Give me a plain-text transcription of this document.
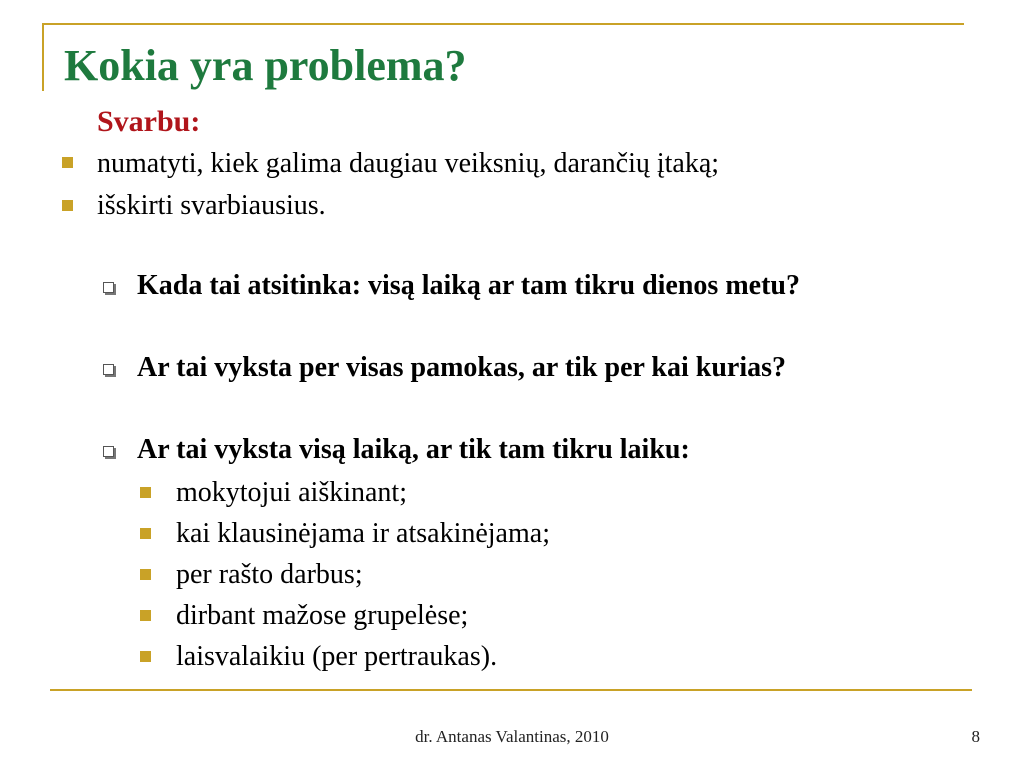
Kokia yra problema?
Svarbu:
numatyti, kiek galima daugiau veiksnių, darančių įtaką;
išskirti svarbiausius.
Kada tai atsitinka: visą laiką ar tam tikru dienos metu?
Ar tai vyksta per visas pamokas, ar tik per kai kurias?
Ar tai vyksta visą laiką, ar tik tam tikru laiku:
mokytojui aiškinant;
kai klausinėjama ir atsakinėjama;
per rašto darbus;
dirbant mažose grupelėse;
laisvalaikiu (per pertraukas).
dr. Antanas Valantinas, 2010	8
